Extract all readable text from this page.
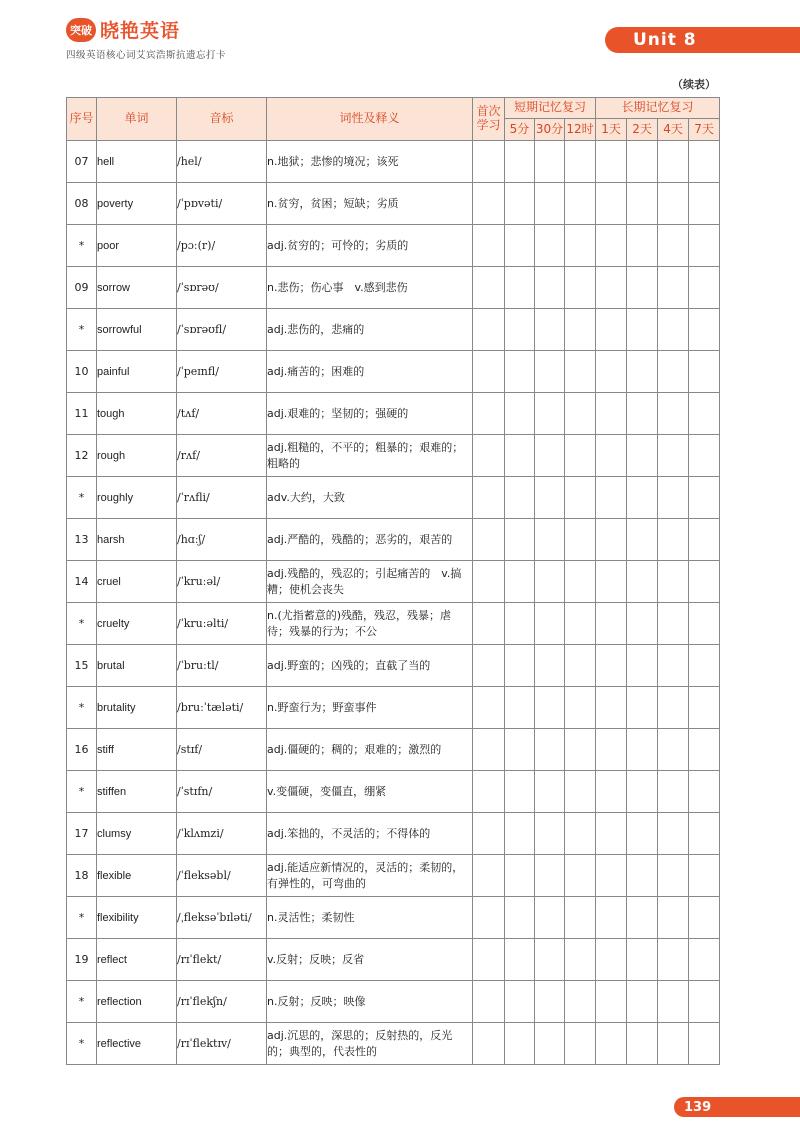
突破 晓艳英语
四级英语核心词艾宾浩斯抗遗忘打卡
Unit 8
（续表）
序号	单词	音标	词性及释义	首次学习	短期记忆复习			长期记忆复习			
					5分	30分	12时	1天	2天	4天	7天
07	hell	/hel/	n.地狱；悲惨的境况；该死								
08	poverty	/ˈpɒvəti/	n.贫穷，贫困；短缺；劣质								
*	poor	/pɔː(r)/	adj.贫穷的；可怜的；劣质的								
09	sorrow	/ˈsɒrəʊ/	n.悲伤；伤心事　v.感到悲伤								
*	sorrowful	/ˈsɒrəʊfl/	adj.悲伤的，悲痛的								
10	painful	/ˈpeɪnfl/	adj.痛苦的；困难的								
11	tough	/tʌf/	adj.艰难的；坚韧的；强硬的								
12	rough	/rʌf/	adj.粗糙的，不平的；粗暴的；艰难的；粗略的								
*	roughly	/ˈrʌfli/	adv.大约，大致								
13	harsh	/hɑːʃ/	adj.严酷的，残酷的；恶劣的，艰苦的								
14	cruel	/ˈkruːəl/	adj.残酷的，残忍的；引起痛苦的　v.搞糟；使机会丧失								
*	cruelty	/ˈkruːəlti/	n.(尤指蓄意的)残酷，残忍，残暴；虐待；残暴的行为；不公								
15	brutal	/ˈbruːtl/	adj.野蛮的；凶残的；直截了当的								
*	brutality	/bruːˈtæləti/	n.野蛮行为；野蛮事件								
16	stiff	/stɪf/	adj.僵硬的；稠的；艰难的；激烈的								
*	stiffen	/ˈstɪfn/	v.变僵硬，变僵直，绷紧								
17	clumsy	/ˈklʌmzi/	adj.笨拙的，不灵活的；不得体的								
18	flexible	/ˈfleksəbl/	adj.能适应新情况的，灵活的；柔韧的，有弹性的，可弯曲的								
*	flexibility	/ˌfleksəˈbɪləti/	n.灵活性；柔韧性								
19	reflect	/rɪˈflekt/	v.反射；反映；反省								
*	reflection	/rɪˈflekʃn/	n.反射；反映；映像								
*	reflective	/rɪˈflektɪv/	adj.沉思的，深思的；反射热的，反光的；典型的，代表性的								
139
